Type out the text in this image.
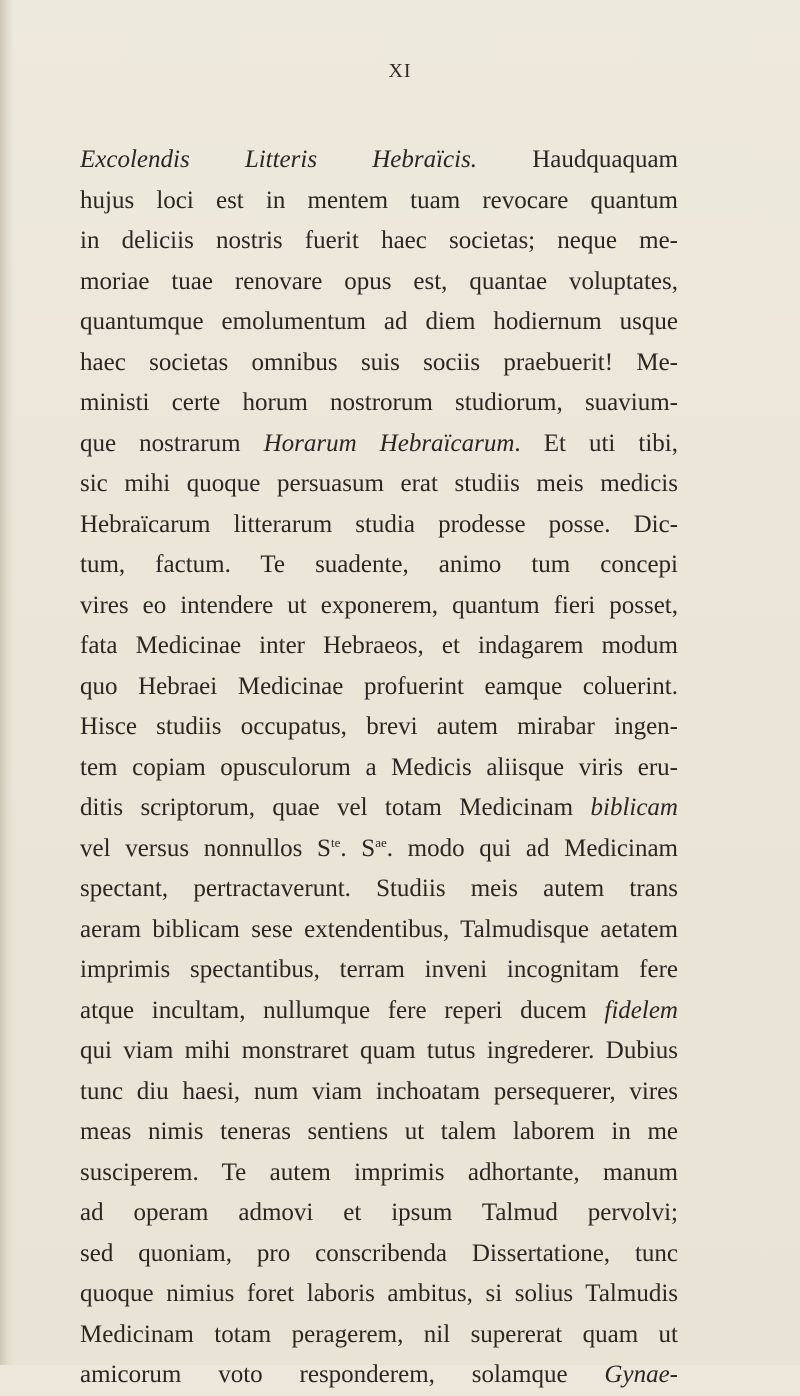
XI
Excolendis Litteris Hebraïcis. Haudquaquam
hujus loci est in mentem tuam revocare quantum
in deliciis nostris fuerit haec societas; neque me-
moriae tuae renovare opus est, quantae voluptates,
quantumque emolumentum ad diem hodiernum usque
haec societas omnibus suis sociis praebuerit! Me-
ministi certe horum nostrorum studiorum, suavium-
que nostrarum Horarum Hebraïcarum. Et uti tibi,
sic mihi quoque persuasum erat studiis meis medicis
Hebraïcarum litterarum studia prodesse posse. Dic-
tum, factum. Te suadente, animo tum concepi
vires eo intendere ut exponerem, quantum fieri posset,
fata Medicinae inter Hebraeos, et indagarem modum
quo Hebraei Medicinae profuerint eamque coluerint.
Hisce studiis occupatus, brevi autem mirabar ingen-
tem copiam opusculorum a Medicis aliisque viris eru-
ditis scriptorum, quae vel totam Medicinam biblicam
vel versus nonnullos $S^{te}$. $S^{ae}$. modo qui ad Medicinam
spectant, pertractaverunt. Studiis meis autem trans
aeram biblicam sese extendentibus, Talmudisque aetatem
imprimis spectantibus, terram inveni incognitam fere
atque incultam, nullumque fere reperi ducem fidelem
qui viam mihi monstraret quam tutus ingrederer. Dubius
tunc diu haesi, num viam inchoatam persequerer, vires
meas nimis teneras sentiens ut talem laborem in me
susciperem. Te autem imprimis adhortante, manum
ad operam admovi et ipsum Talmud pervolvi;
sed quoniam, pro conscribenda Dissertatione, tunc
quoque nimius foret laboris ambitus, si solius Talmudis
Medicinam totam peragerem, nil supererat quam ut
amicorum voto responderem, solamque Gynae-
